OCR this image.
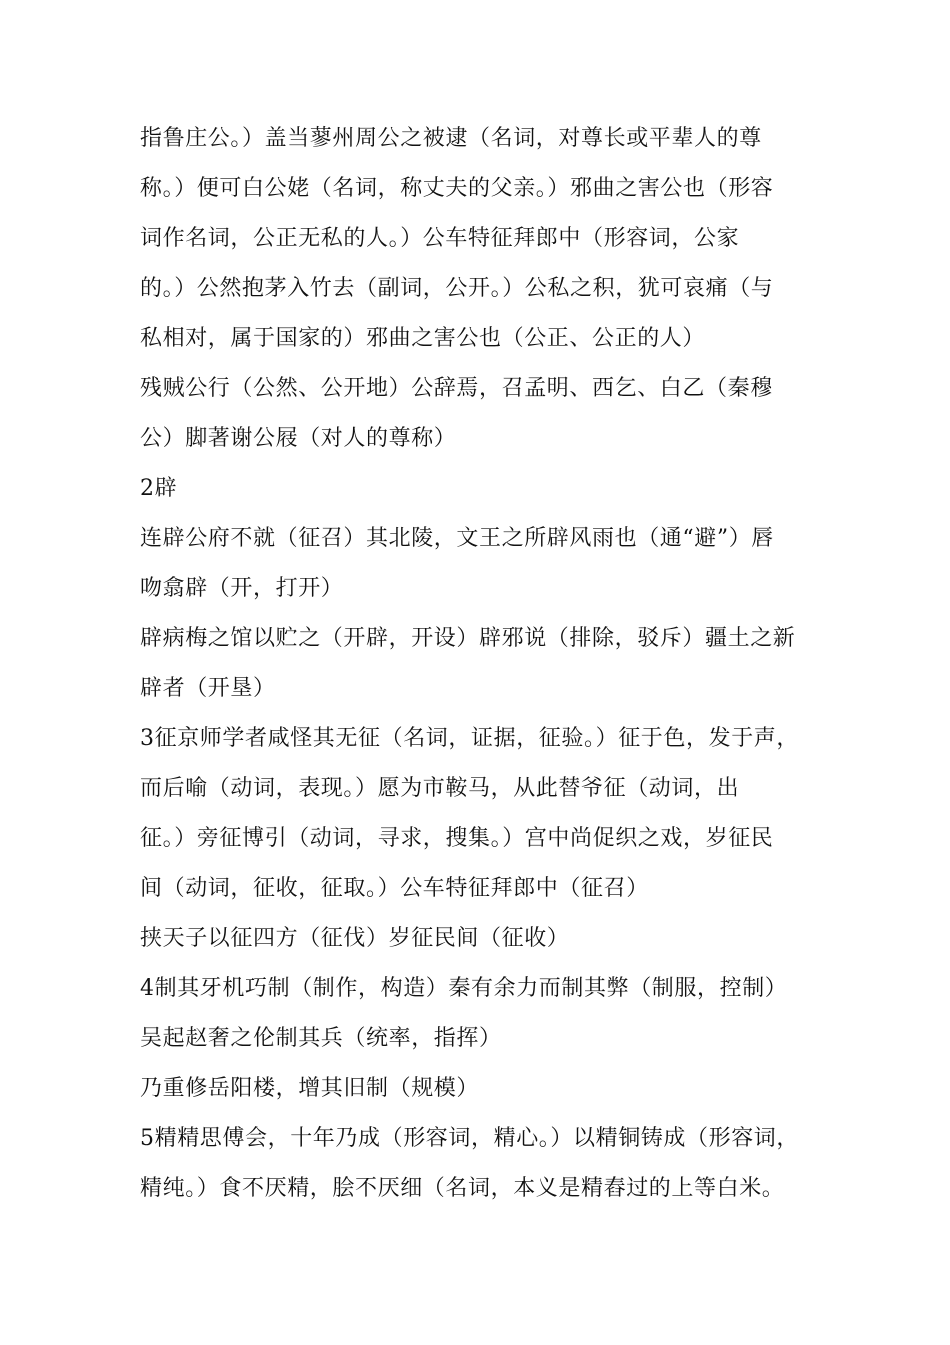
指鲁庄公。）盖当蓼州周公之被逮（名词，对尊长或平辈人的尊
称。）便可白公姥（名词，称丈夫的父亲。）邪曲之害公也（形容
词作名词，公正无私的人。）公车特征拜郎中（形容词，公家
的。）公然抱茅入竹去（副词，公开。）公私之积，犹可哀痛（与
私相对，属于国家的）邪曲之害公也（公正、公正的人）
残贼公行（公然、公开地）公辞焉，召孟明、西乞、白乙（秦穆
公）脚著谢公屐（对人的尊称）
2辟
连辟公府不就（征召）其北陵，文王之所辟风雨也（通“避”）唇
吻翕辟（开，打开）
辟病梅之馆以贮之（开辟，开设）辟邪说（排除，驳斥）疆土之新
辟者（开垦）
3征京师学者咸怪其无征（名词，证据，征验。）征于色，发于声，
而后喻（动词，表现。）愿为市鞍马，从此替爷征（动词，出
征。）旁征博引（动词，寻求，搜集。）宫中尚促织之戏，岁征民
间（动词，征收，征取。）公车特征拜郎中（征召）
挟天子以征四方（征伐）岁征民间（征收）
4制其牙机巧制（制作，构造）秦有余力而制其弊（制服，控制）
吴起赵奢之伦制其兵（统率，指挥）
乃重修岳阳楼，增其旧制（规模）
5精精思傅会，十年乃成（形容词，精心。）以精铜铸成（形容词，
精纯。）食不厌精，脍不厌细（名词，本义是精舂过的上等白米。
